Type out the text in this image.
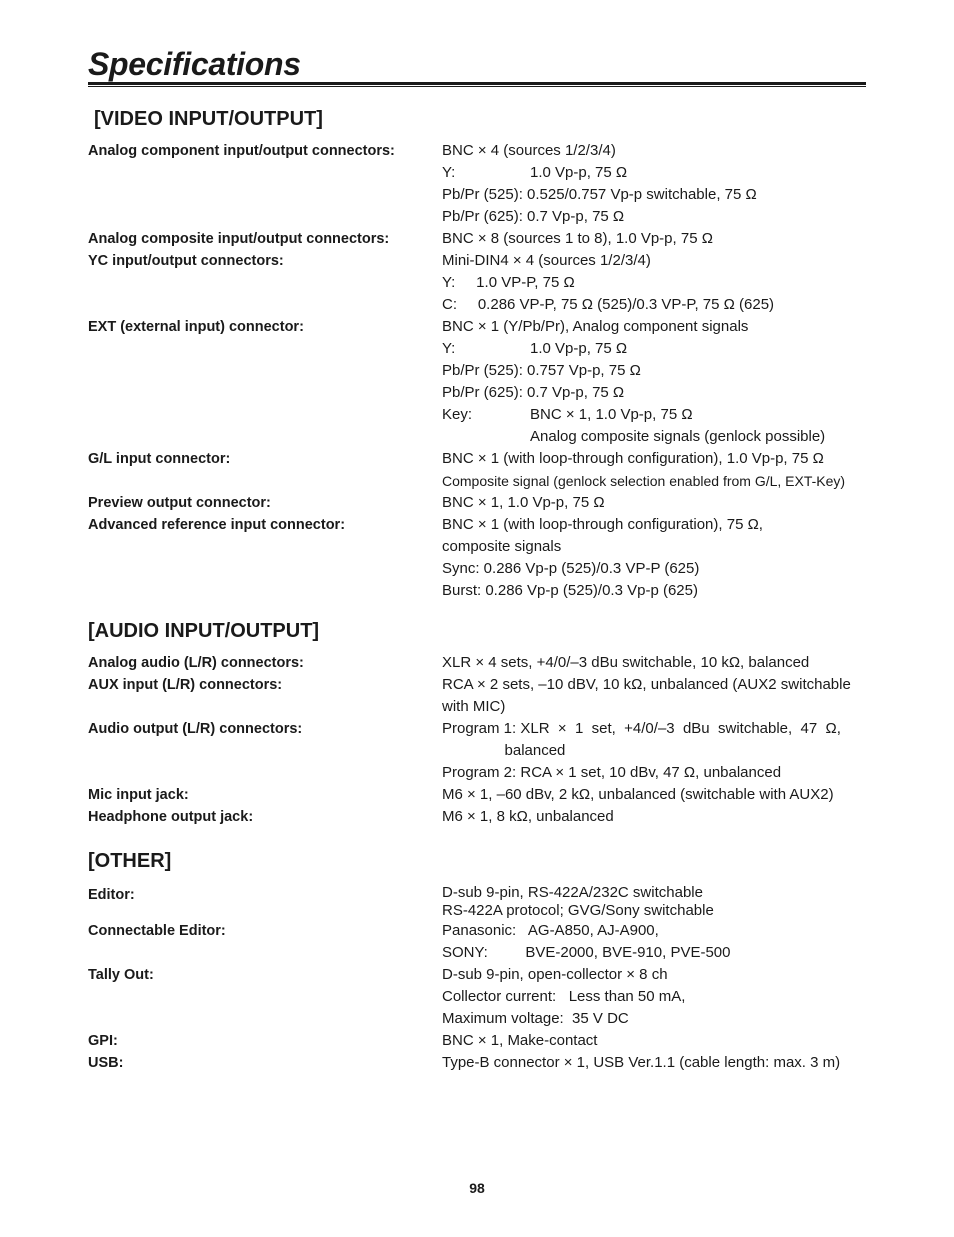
Specifications
[VIDEO INPUT/OUTPUT]
Analog component input/output connectors:	BNC × 4 (sources 1/2/3/4)
Y:	1.0 Vp-p, 75 Ω
Pb/Pr (525): 0.525/0.757 Vp-p switchable, 75 Ω
Pb/Pr (625): 0.7 Vp-p, 75 Ω
Analog composite input/output connectors:	BNC × 8 (sources 1 to 8), 1.0 Vp-p, 75 Ω
YC input/output connectors:	Mini-DIN4 × 4 (sources 1/2/3/4)
Y:     1.0 VP-P, 75 Ω
C:     0.286 VP-P, 75 Ω (525)/0.3 VP-P, 75 Ω (625)
EXT (external input) connector:	BNC × 1 (Y/Pb/Pr), Analog component signals
Y:	1.0 Vp-p, 75 Ω
Pb/Pr (525): 0.757 Vp-p, 75 Ω
Pb/Pr (625): 0.7 Vp-p, 75 Ω
Key:	BNC × 1, 1.0 Vp-p, 75 Ω
Analog composite signals (genlock possible)
G/L input connector:	BNC × 1 (with loop-through configuration), 1.0 Vp-p, 75 Ω
Composite signal (genlock selection enabled from G/L, EXT-Key)
Preview output connector:	BNC × 1, 1.0 Vp-p, 75 Ω
Advanced reference input connector:	BNC × 1 (with loop-through configuration), 75 Ω,
composite signals
Sync: 0.286 Vp-p (525)/0.3 VP-P (625)
Burst: 0.286 Vp-p (525)/0.3 Vp-p (625)
[AUDIO INPUT/OUTPUT]
Analog audio (L/R) connectors:	XLR × 4 sets, +4/0/–3 dBu switchable, 10 kΩ, balanced
AUX input (L/R) connectors:	RCA × 2 sets, –10 dBV, 10 kΩ, unbalanced (AUX2 switchable
with MIC)
Audio output (L/R) connectors:	Program 1: XLR  ×  1  set,  +4/0/–3  dBu  switchable,  47  Ω,
balanced
Program 2: RCA × 1 set, 10 dBv, 47 Ω, unbalanced
Mic input jack:	M6 × 1, –60 dBv, 2 kΩ, unbalanced (switchable with AUX2)
Headphone output jack:	M6 × 1, 8 kΩ, unbalanced
[OTHER]
Editor:	D-sub 9-pin, RS-422A/232C switchable
RS-422A protocol; GVG/Sony switchable
Connectable Editor:	Panasonic:   AG-A850, AJ-A900,
SONY:         BVE-2000, BVE-910, PVE-500
Tally Out:	D-sub 9-pin, open-collector × 8 ch
Collector current:   Less than 50 mA,
Maximum voltage:  35 V DC
GPI:	BNC × 1, Make-contact
USB:	Type-B connector × 1, USB Ver.1.1 (cable length: max. 3 m)
98
